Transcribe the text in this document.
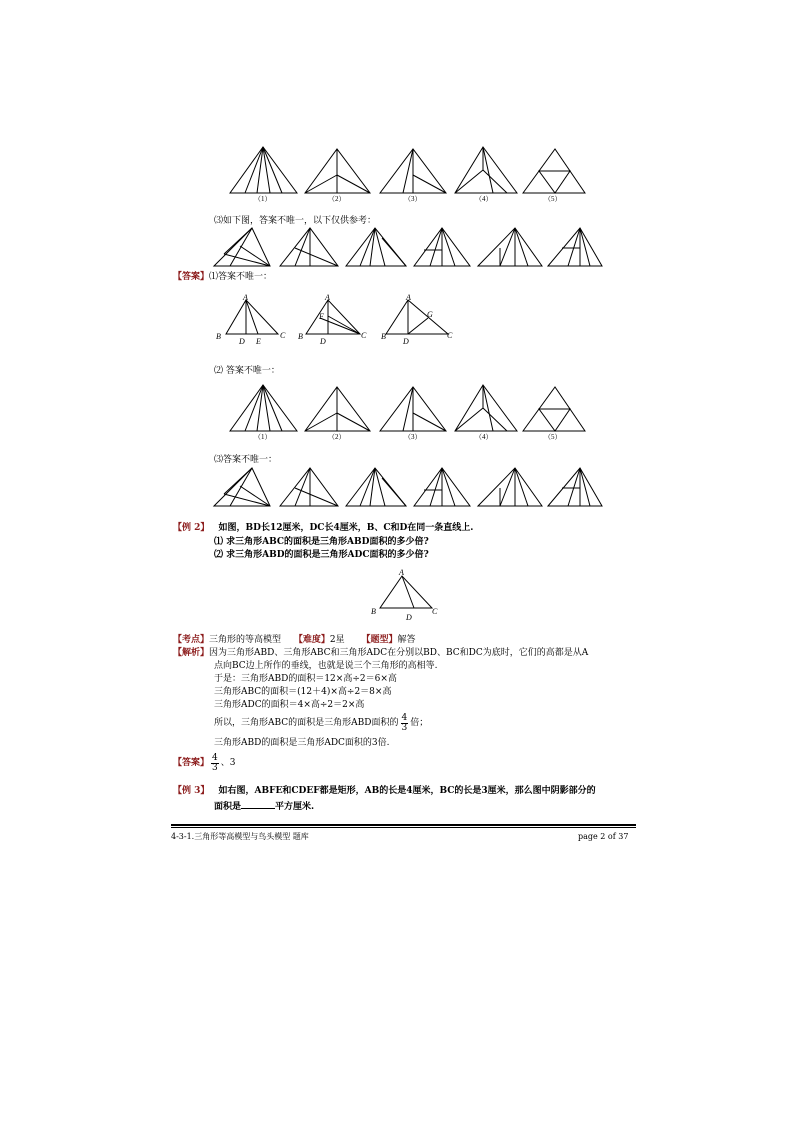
（1）	（2）	（3）	（4）	（5）
⑶如下图，答案不唯一，以下仅供参考：
【答案】⑴答案不唯一：
A
B
D E
C
A
F
B
D
C
A
G
B
D
C
⑵ 答案不唯一：
（1）	（2）	（3）	（4）	（5）
⑶答案不唯一：
【例 2】 如图，BD长12厘米，DC长4厘米，B、C和D在同一条直线上.
⑴ 求三角形ABC的面积是三角形ABD面积的多少倍?
⑵ 求三角形ABD的面积是三角形ADC面积的多少倍?
A
B
D
C
【考点】三角形的等高模型 【难度】2星 【题型】解答
【解析】因为三角形ABD、三角形ABC和三角形ADC在分别以BD、BC和DC为底时，它们的高都是从A
点向BC边上所作的垂线，也就是说三个三角形的高相等.
于是：三角形ABD的面积＝12×高÷2＝6×高
三角形ABC的面积＝(12＋4)×高÷2＝8×高
三角形ADC的面积＝4×高÷2＝2×高
所以，三角形ABC的面积是三角形ABD面积的 $\frac{4}{3}$ 倍；
三角形ABD的面积是三角形ADC面积的3倍.
【答案】 $\frac{4}{3}$ 、3
【例 3】 如右图，ABFE和CDEF都是矩形，AB的长是4厘米，BC的长是3厘米，那么图中阴影部分的
面积是	平方厘米.
4-3-1.三角形等高模型与鸟头模型 题库	page 2 of 37
